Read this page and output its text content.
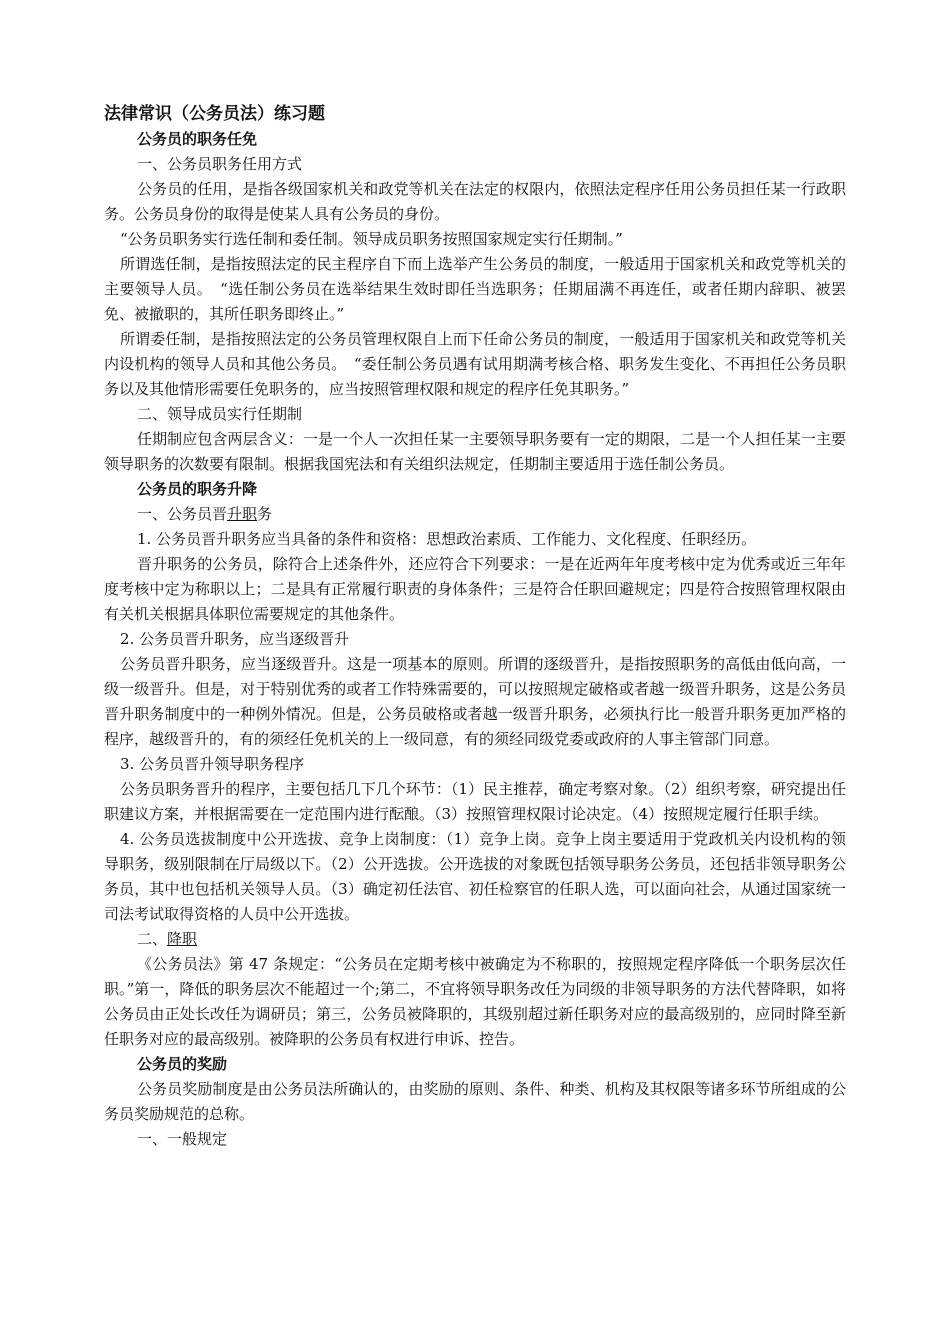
法律常识（公务员法）练习题

公务员的职务任免

一、公务员职务任用方式

公务员的任用，是指各级国家机关和政党等机关在法定的权限内，依照法定程序任用公务员担任某一行政职务。公务员身份的取得是使某人具有公务员的身份。

“公务员职务实行选任制和委任制。领导成员职务按照国家规定实行任期制。”

所谓选任制，是指按照法定的民主程序自下而上选举产生公务员的制度，一般适用于国家机关和政党等机关的主要领导人员。　“选任制公务员在选举结果生效时即任当选职务；任期届满不再连任，或者任期内辞职、被罢免、被撤职的，其所任职务即终止。”

所谓委任制，是指按照法定的公务员管理权限自上而下任命公务员的制度，一般适用于国家机关和政党等机关内设机构的领导人员和其他公务员。　“委任制公务员遇有试用期满考核合格、职务发生变化、不再担任公务员职务以及其他情形需要任免职务的，应当按照管理权限和规定的程序任免其职务。”

二、领导成员实行任期制

任期制应包含两层含义：一是一个人一次担任某一主要领导职务要有一定的期限，二是一个人担任某一主要领导职务的次数要有限制。根据我国宪法和有关组织法规定，任期制主要适用于选任制公务员。

公务员的职务升降

一、公务员晋升职务

1. 公务员晋升职务应当具备的条件和资格：思想政治素质、工作能力、文化程度、任职经历。

晋升职务的公务员，除符合上述条件外，还应符合下列要求：一是在近两年年度考核中定为优秀或近三年年度考核中定为称职以上；二是具有正常履行职责的身体条件；三是符合任职回避规定；四是符合按照管理权限由有关机关根据具体职位需要规定的其他条件。

2. 公务员晋升职务，应当逐级晋升

公务员晋升职务，应当逐级晋升。这是一项基本的原则。所谓的逐级晋升，是指按照职务的高低由低向高，一级一级晋升。但是，对于特别优秀的或者工作特殊需要的，可以按照规定破格或者越一级晋升职务，这是公务员晋升职务制度中的一种例外情况。但是，公务员破格或者越一级晋升职务，必须执行比一般晋升职务更加严格的程序，越级晋升的，有的须经任免机关的上一级同意，有的须经同级党委或政府的人事主管部门同意。

3. 公务员晋升领导职务程序

公务员职务晋升的程序，主要包括几下几个环节：（1）民主推荐，确定考察对象。（2）组织考察，研究提出任职建议方案，并根据需要在一定范围内进行酝酿。（3）按照管理权限讨论决定。（4）按照规定履行任职手续。

4. 公务员选拔制度中公开选拔、竞争上岗制度：（1）竞争上岗。竞争上岗主要适用于党政机关内设机构的领导职务，级别限制在厅局级以下。（2）公开选拔。公开选拔的对象既包括领导职务公务员，还包括非领导职务公务员，其中也包括机关领导人员。（3）确定初任法官、初任检察官的任职人选，可以面向社会，从通过国家统一司法考试取得资格的人员中公开选拔。

二、降职

《公务员法》第 47 条规定：“公务员在定期考核中被确定为不称职的，按照规定程序降低一个职务层次任职。”第一，降低的职务层次不能超过一个;第二，不宜将领导职务改任为同级的非领导职务的方法代替降职，如将公务员由正处长改任为调研员；第三，公务员被降职的，其级别超过新任职务对应的最高级别的，应同时降至新任职务对应的最高级别。被降职的公务员有权进行申诉、控告。

公务员的奖励

公务员奖励制度是由公务员法所确认的，由奖励的原则、条件、种类、机构及其权限等诸多环节所组成的公务员奖励规范的总称。

一、一般规定
